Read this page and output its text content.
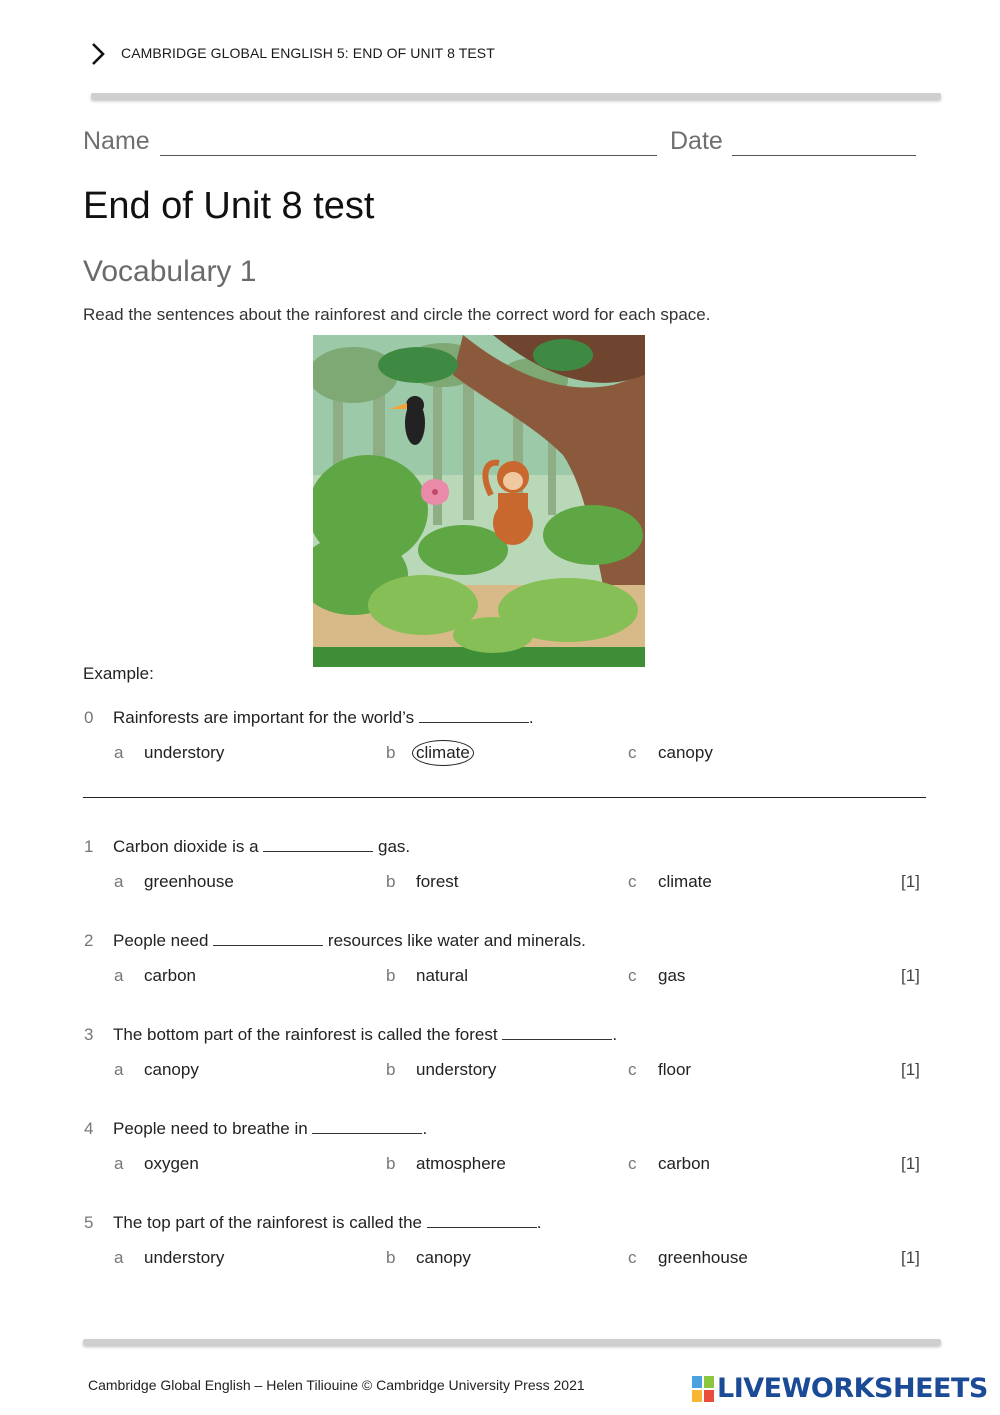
CAMBRIDGE GLOBAL ENGLISH 5: END OF UNIT 8 TEST
Name	Date
End of Unit 8 test
Vocabulary 1
Read the sentences about the rainforest and circle the correct word for each space.
Example:
0 Rainforests are important for the world’s	.
a understory	b climate	c canopy
1 Carbon dioxide is a	gas.
a greenhouse	b forest	c climate	[1]
2 People need	resources like water and minerals.
a carbon	b natural	c gas	[1]
3 The bottom part of the rainforest is called the forest	.
a canopy	b understory	c floor	[1]
4 People need to breathe in	.
a oxygen	b atmosphere	c carbon	[1]
5 The top part of the rainforest is called the	.
a understory	b canopy	c greenhouse	[1]
Cambridge Global English – Helen Tiliouine © Cambridge University Press 2021	LIVEWORKSHEETS
